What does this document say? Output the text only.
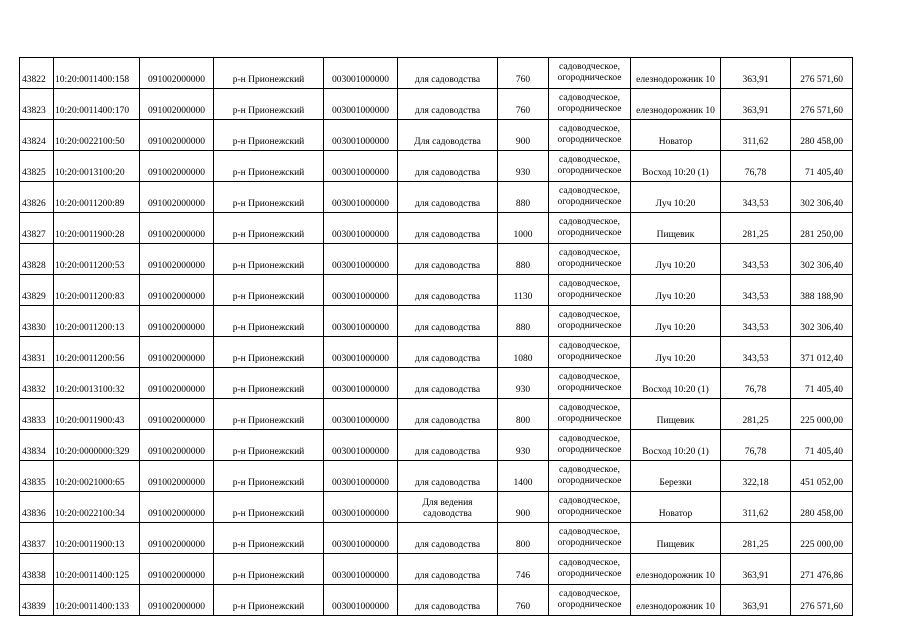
43822	10:20:0011400:158	091002000000	р-н Прионежский	003001000000	для садоводства	760	садоводческое,
огородническое	елезнодорожник 10	363,91	276 571,60
43823	10:20:0011400:170	091002000000	р-н Прионежский	003001000000	для садоводства	760	садоводческое,
огородническое	елезнодорожник 10	363,91	276 571,60
43824	10:20:0022100:50	091002000000	р-н Прионежский	003001000000	Для садоводства	900	садоводческое,
огородническое	Новатор	311,62	280 458,00
43825	10:20:0013100:20	091002000000	р-н Прионежский	003001000000	для садоводства	930	садоводческое,
огородническое	Восход 10:20 (1)	76,78	71 405,40
43826	10:20:0011200:89	091002000000	р-н Прионежский	003001000000	для садоводства	880	садоводческое,
огородническое	Луч 10:20	343,53	302 306,40
43827	10:20:0011900:28	091002000000	р-н Прионежский	003001000000	для садоводства	1000	садоводческое,
огородническое	Пищевик	281,25	281 250,00
43828	10:20:0011200:53	091002000000	р-н Прионежский	003001000000	для садоводства	880	садоводческое,
огородническое	Луч 10:20	343,53	302 306,40
43829	10:20:0011200:83	091002000000	р-н Прионежский	003001000000	для садоводства	1130	садоводческое,
огородническое	Луч 10:20	343,53	388 188,90
43830	10:20:0011200:13	091002000000	р-н Прионежский	003001000000	для садоводства	880	садоводческое,
огородническое	Луч 10:20	343,53	302 306,40
43831	10:20:0011200:56	091002000000	р-н Прионежский	003001000000	для садоводства	1080	садоводческое,
огородническое	Луч 10:20	343,53	371 012,40
43832	10:20:0013100:32	091002000000	р-н Прионежский	003001000000	для садоводства	930	садоводческое,
огородническое	Восход 10:20 (1)	76,78	71 405,40
43833	10:20:0011900:43	091002000000	р-н Прионежский	003001000000	для садоводства	800	садоводческое,
огородническое	Пищевик	281,25	225 000,00
43834	10:20:0000000:329	091002000000	р-н Прионежский	003001000000	для садоводства	930	садоводческое,
огородническое	Восход 10:20 (1)	76,78	71 405,40
43835	10:20:0021000:65	091002000000	р-н Прионежский	003001000000	для садоводства	1400	садоводческое,
огородническое	Березки	322,18	451 052,00
43836	10:20:0022100:34	091002000000	р-н Прионежский	003001000000	Для ведения садоводства	900	садоводческое,
огородническое	Новатор	311,62	280 458,00
43837	10:20:0011900:13	091002000000	р-н Прионежский	003001000000	для садоводства	800	садоводческое,
огородническое	Пищевик	281,25	225 000,00
43838	10:20:0011400:125	091002000000	р-н Прионежский	003001000000	для садоводства	746	садоводческое,
огородническое	елезнодорожник 10	363,91	271 476,86
43839	10:20:0011400:133	091002000000	р-н Прионежский	003001000000	для садоводства	760	садоводческое,
огородническое	елезнодорожник 10	363,91	276 571,60
